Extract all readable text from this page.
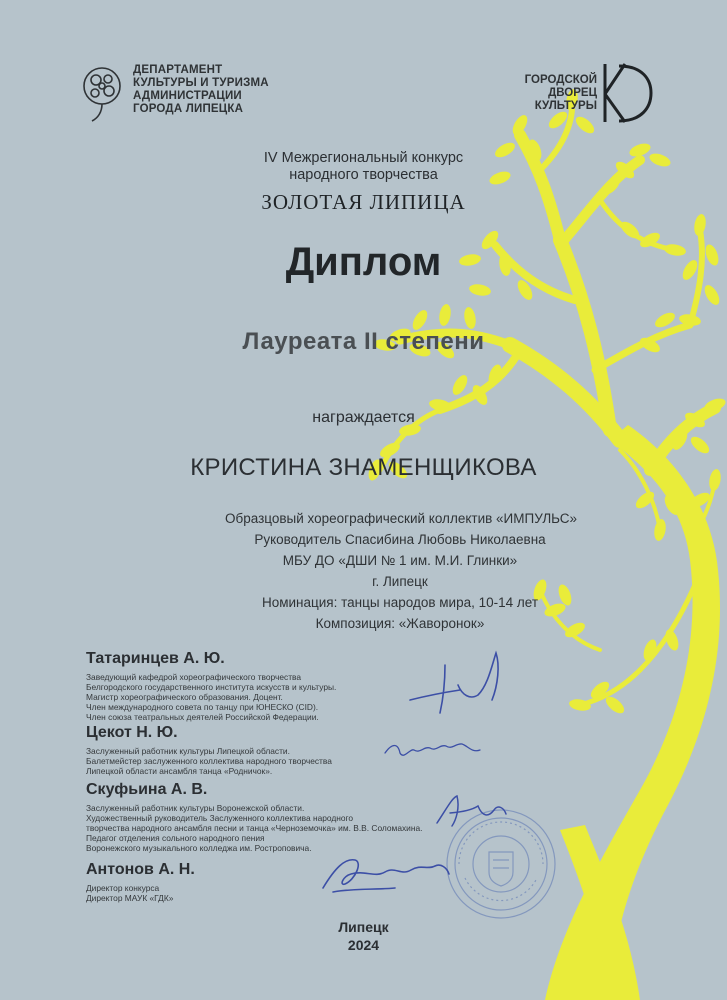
ДЕПАРТАМЕНТ
КУЛЬТУРЫ И ТУРИЗМА
АДМИНИСТРАЦИИ
ГОРОДА ЛИПЕЦКА
ГОРОДСКОЙ
ДВОРЕЦ
КУЛЬТУРЫ
IV Межрегиональный конкурс
народного творчества
ЗОЛОТАЯ ЛИПИЦА
Диплом
Лауреата II степени
награждается
КРИСТИНА ЗНАМЕНЩИКОВА
Образцовый хореографический коллектив «ИМПУЛЬС»
Руководитель Спасибина Любовь Николаевна
МБУ ДО «ДШИ № 1 им. М.И. Глинки»
г. Липецк
Номинация: танцы народов мира, 10-14 лет
Композиция: «Жаворонок»
Татаринцев А. Ю.
Заведующий кафедрой хореографического творчества
Белгородского государственного института искусств и культуры.
Магистр хореографического образования. Доцент.
Член международного совета по танцу при ЮНЕСКО (CID).
Член союза театральных деятелей Российской Федерации.
Цекот Н. Ю.
Заслуженный работник культуры Липецкой области.
Балетмейстер заслуженного коллектива народного творчества
Липецкой области ансамбля танца «Родничок».
Скуфьина А. В.
Заслуженный работник культуры Воронежской области.
Художественный руководитель Заслуженного коллектива народного
творчества народного ансамбля песни и танца «Черноземочка» им. В.В. Соломахина.
Педагог отделения сольного народного пения
Воронежского музыкального колледжа им. Ростроповича.
Антонов А. Н.
Директор конкурса
Директор МАУК «ГДК»
Липецк
2024
